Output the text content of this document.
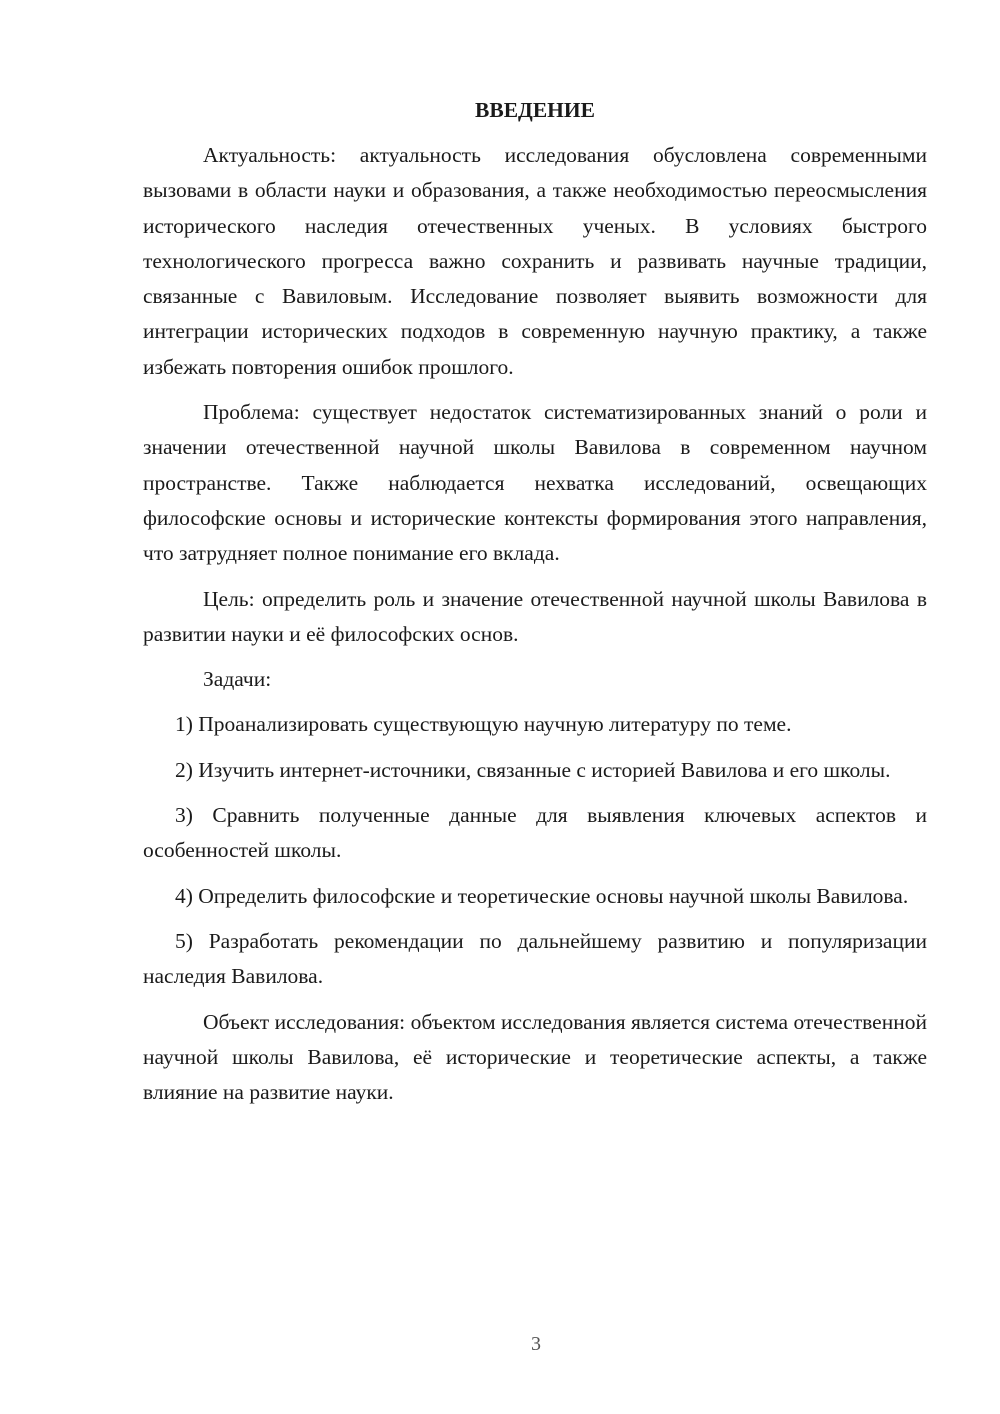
ВВЕДЕНИЕ

Актуальность: актуальность исследования обусловлена современными вызовами в области науки и образования, а также необходимостью переосмысления исторического наследия отечественных ученых. В условиях быстрого технологического прогресса важно сохранить и развивать научные традиции, связанные с Вавиловым. Исследование позволяет выявить возможности для интеграции исторических подходов в современную научную практику, а также избежать повторения ошибок прошлого.

Проблема: существует недостаток систематизированных знаний о роли и значении отечественной научной школы Вавилова в современном научном пространстве. Также наблюдается нехватка исследований, освещающих философские основы и исторические контексты формирования этого направления, что затрудняет полное понимание его вклада.

Цель: определить роль и значение отечественной научной школы Вавилова в развитии науки и её философских основ.

Задачи:

1) Проанализировать существующую научную литературу по теме.

2) Изучить интернет-источники, связанные с историей Вавилова и его школы.

3) Сравнить полученные данные для выявления ключевых аспектов и особенностей школы.

4) Определить философские и теоретические основы научной школы Вавилова.

5) Разработать рекомендации по дальнейшему развитию и популяризации наследия Вавилова.

Объект исследования: объектом исследования является система отечественной научной школы Вавилова, её исторические и теоретические аспекты, а также влияние на развитие науки.

3
